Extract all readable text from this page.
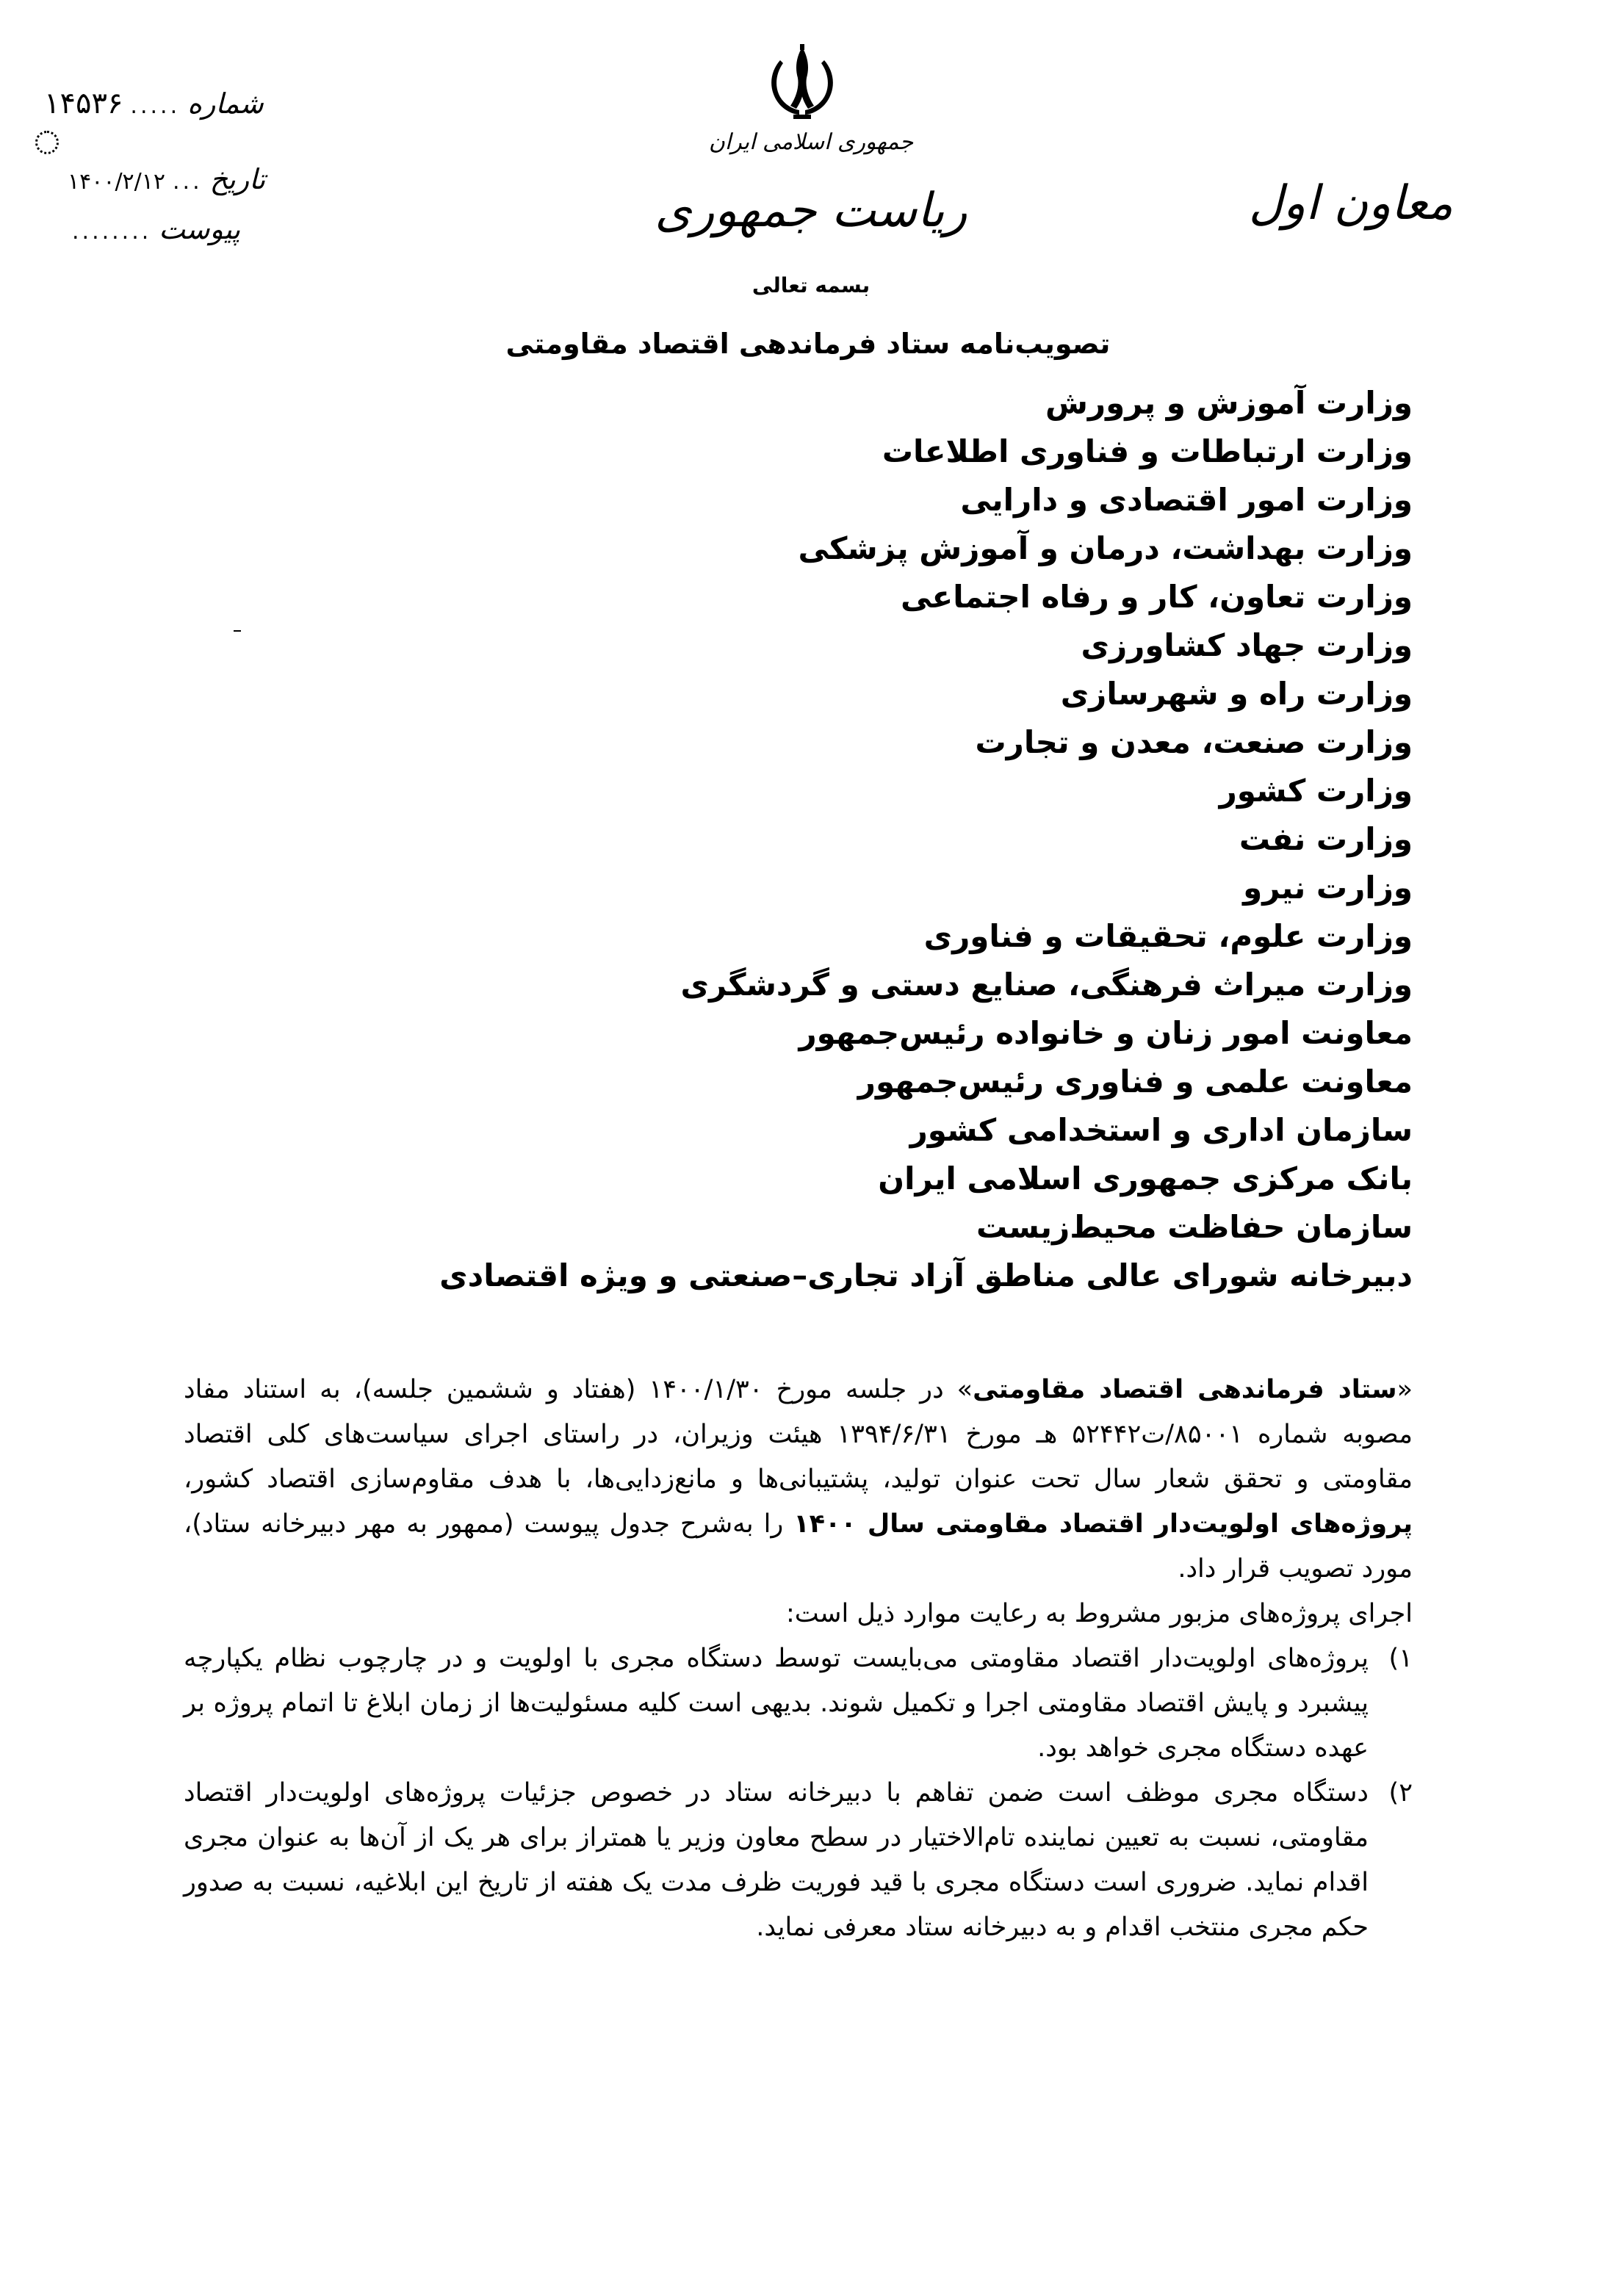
شماره
.....
۱۴۵۳۶
تاریخ
...
۱۴۰۰/۲/۱۲
پیوست
........
جمهوری اسلامی ایران
ریاست جمهوری	معاون اول
بسمه تعالی
تصویب‌نامه ستاد فرماندهی اقتصاد مقاومتی
وزارت آموزش و پرورش
وزارت ارتباطات و فناوری اطلاعات
وزارت امور اقتصادی و دارایی
وزارت بهداشت، درمان و آموزش پزشکی
وزارت تعاون، کار و رفاه اجتماعی
وزارت جهاد کشاورزی
وزارت راه و شهرسازی
وزارت صنعت، معدن و تجارت
وزارت کشور
وزارت نفت
وزارت نیرو
وزارت علوم، تحقیقات و فناوری
وزارت میراث فرهنگی، صنایع دستی و گردشگری
معاونت امور زنان و خانواده رئیس‌جمهور
معاونت علمی و فناوری رئیس‌جمهور
سازمان اداری و استخدامی کشور
بانک مرکزی جمهوری اسلامی ایران
سازمان حفاظت محیط‌زیست
دبیرخانه شورای عالی مناطق آزاد تجاری–صنعتی و ویژه اقتصادی

«ستاد فرماندهی اقتصاد مقاومتی» در جلسه مورخ ۱۴۰۰/۱/۳۰ (هفتاد و ششمین جلسه)، به استناد مفاد مصوبه شماره ۸۵۰۰۱/ت۵۲۴۴۲ هـ مورخ ۱۳۹۴/۶/۳۱ هیئت وزیران، در راستای اجرای سیاست‌های کلی اقتصاد مقاومتی و تحقق شعار سال تحت عنوان تولید، پشتیبانی‌ها و مانع‌زدایی‌ها، با هدف مقاوم‌سازی اقتصاد کشور، پروژه‌های اولویت‌دار اقتصاد مقاومتی سال ۱۴۰۰ را به‌شرح جدول پیوست (ممهور به مهر دبیرخانه ستاد)، مورد تصویب قرار داد.

اجرای پروژه‌های مزبور مشروط به رعایت موارد ذیل است:

۱)
پروژه‌های اولویت‌دار اقتصاد مقاومتی می‌بایست توسط دستگاه مجری با اولویت و در چارچوب نظام یکپارچه پیشبرد و پایش اقتصاد مقاومتی اجرا و تکمیل شوند. بدیهی است کلیه مسئولیت‌ها از زمان ابلاغ تا اتمام پروژه بر عهده دستگاه مجری خواهد بود.
۲)
دستگاه مجری موظف است ضمن تفاهم با دبیرخانه ستاد در خصوص جزئیات پروژه‌های اولویت‌دار اقتصاد مقاومتی، نسبت به تعیین نماینده تام‌الاختیار در سطح معاون وزیر یا همتراز برای هر یک از آن‌ها به عنوان مجری اقدام نماید. ضروری است دستگاه مجری با قید فوریت ظرف مدت یک هفته از تاریخ این ابلاغیه، نسبت به صدور حکم مجری منتخب اقدام و به دبیرخانه ستاد معرفی نماید.
